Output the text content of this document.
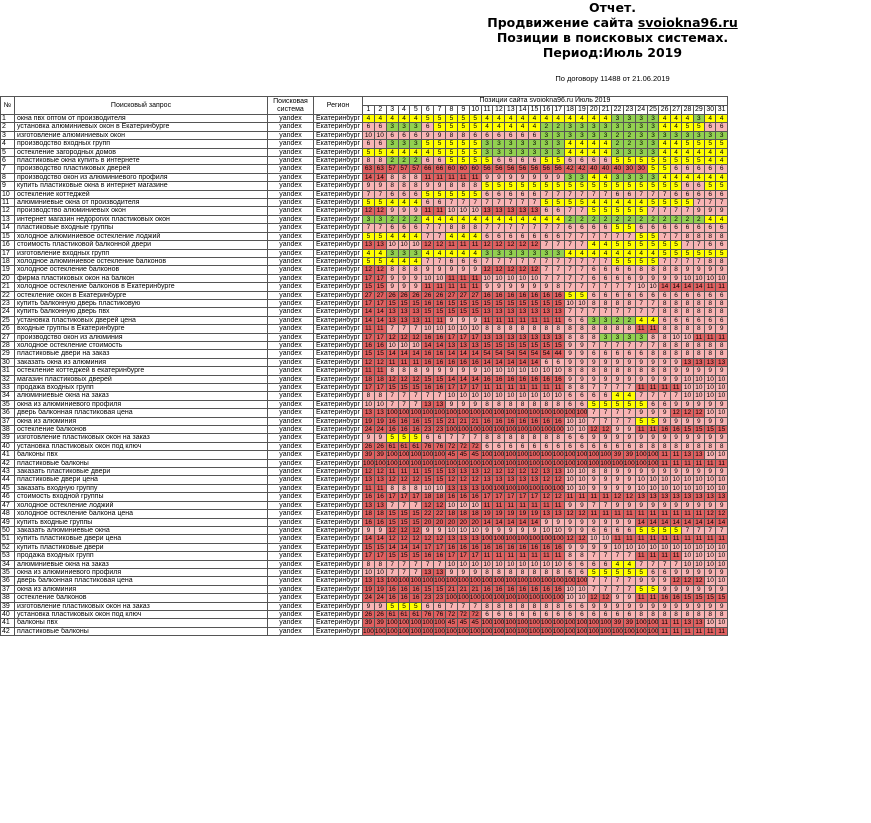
Отчет.
Продвижение сайта svoiokna96.ru
Позиции в поисковых системах.
Период:Июль 2019
По договору 11488 от 21.06.2019
№	Поисковый запрос	Поисковая система	Регион	Позиции сайта svoiokna96.ru Июль 2019																														
				1	2	3	4	5	6	7	8	9	10	11	12	13	14	15	16	17	18	19	20	21	22	23	24	25	26	27	28	29	30	31
1	окна пвх оптом от производителя	yandex	Екатеринбург	4	4	4	4	4	5	5	5	5	5	4	4	4	4	4	4	4	4	4	4	4	3	3	3	3	4	4	4	3	4	4
2	установка алюминиевых окон в Екатеринбурге	yandex	Екатеринбург	6	6	3	3	3	6	5	5	5	5	4	4	4	4	4	2	2	3	3	3	3	3	3	3	3	4	4	5	5	6	6
3	изготовление алюминиевых окон	yandex	Екатеринбург	10	10	6	6	6	9	9	8	8	6	6	6	6	6	6	3	3	3	3	3	3	2	2	3	3	3	3	3	3	3	3
4	производство входных групп	yandex	Екатеринбург	6	6	3	3	3	5	5	5	5	5	3	3	3	3	3	3	3	4	4	4	4	2	2	3	3	4	4	5	5	5	5
5	остекление загородных домов	yandex	Екатеринбург	5	5	4	4	4	4	5	5	5	5	3	3	3	3	3	3	3	4	4	4	4	3	3	3	3	4	4	4	4	4	4
6	пластиковые окна купить в интернете	yandex	Екатеринбург	8	8	2	2	2	6	6	5	5	5	5	6	6	6	6	5	5	6	6	6	6	5	5	5	5	5	5	5	5	4	4
7	производство пластиковых дверей	yandex	Екатеринбург	63	63	57	57	57	66	66	60	60	60	56	56	56	56	56	56	56	42	42	40	40	40	30	30	5	5	6	6	6	6	6
8	производство окон из алюминиевого профиля	yandex	Екатеринбург	14	14	8	8	8	11	11	11	11	11	9	9	9	9	9	9	9	3	3	4	4	3	3	3	3	4	4	4	4	4	4
9	купить пластиковые окна в интернет магазине	yandex	Екатеринбург	9	9	8	8	8	9	9	8	8	8	5	5	5	5	5	5	5	5	5	5	5	5	5	5	5	5	5	6	6	5	5
10	остекление коттеджей	yandex	Екатеринбург	7	7	6	6	6	5	5	5	5	5	6	6	6	6	6	7	7	7	7	7	7	6	6	7	7	7	6	6	6	6	6
11	алюминиевые окна от производителя	yandex	Екатеринбург	5	5	4	4	4	6	6	7	7	7	7	7	7	7	7	5	5	5	5	4	4	4	4	4	5	5	5	5	7	7	7
12	производство алюминиевых окон	yandex	Екатеринбург	12	12	9	9	9	11	11	10	10	10	13	13	13	13	13	6	6	7	7	5	5	5	5	5	7	7	7	7	9	9	9
13	интернет магазин недорогих пластиковых окон	yandex	Екатеринбург	3	3	2	2	2	4	4	4	4	4	4	4	4	4	4	4	4	2	2	2	2	2	2	2	2	2	2	2	2	4	4
14	пластиковые входные группы	yandex	Екатеринбург	7	7	6	6	6	7	7	8	8	8	7	7	7	7	7	7	7	6	6	6	6	5	5	6	6	6	6	6	6	6	6
15	холодное алюминиевое остекление лоджий	yandex	Екатеринбург	5	5	4	4	4	7	7	4	4	4	6	6	6	6	6	6	6	7	7	7	7	7	7	5	5	7	7	8	8	8	8
16	стоимость пластиковой балконной двери	yandex	Екатеринбург	13	13	10	10	10	12	12	11	11	11	12	12	12	12	12	7	7	7	7	4	4	5	5	5	5	5	5	7	7	6	6
17	изготовление входных групп	yandex	Екатеринбург	4	4	3	3	3	4	4	4	4	4	3	3	3	3	3	3	3	4	4	4	4	4	4	4	4	5	5	5	5	5	5
18	холодное алюминиевое остекление балконов	yandex	Екатеринбург	5	5	4	4	4	7	7	6	6	6	7	7	7	7	7	7	7	7	7	7	7	5	5	5	5	7	7	7	7	8	8
19	холодное остекление балконов	yandex	Екатеринбург	12	12	8	8	8	9	9	9	9	9	12	12	12	12	12	7	7	7	7	6	6	6	6	8	8	8	8	9	9	9	9
20	фирма пластиковых окон на балкон	yandex	Екатеринбург	17	17	9	9	9	10	10	11	11	11	10	10	10	10	10	7	7	7	7	6	6	6	6	9	9	9	9	10	10	10	10
21	холодное остекление балконов в Екатеринбурге	yandex	Екатеринбург	15	15	9	9	9	11	11	11	11	11	9	9	9	9	9	9	8	7	7	7	7	7	7	10	10	14	14	14	14	11	11
22	остекление окон в Екатеринбурге	yandex	Екатеринбург	27	27	26	26	26	26	26	27	27	27	16	16	16	16	16	16	16	5	5	6	6	6	6	6	6	6	6	6	6	6	6
23	купить балконную дверь пластиковую	yandex	Екатеринбург	17	17	15	15	15	16	16	15	15	15	15	15	15	15	15	15	15	10	10	8	8	8	8	7	7	8	8	8	8	8	8
24	купить балконную дверь пвх	yandex	Екатеринбург	14	14	13	13	13	15	15	15	15	15	13	13	13	13	13	13	13	7	7	7	7	7	7	7	7	8	8	8	8	8	8
25	установка пластиковых дверей цена	yandex	Екатеринбург	14	14	13	13	13	11	11	9	9	9	11	11	11	11	11	11	11	6	6	3	3	2	2	4	4	6	6	6	6	6	6
26	входные группы в Екатеринбурге	yandex	Екатеринбург	11	11	7	7	7	10	10	10	10	10	8	8	8	8	8	8	8	8	8	8	8	8	8	11	11	8	8	8	8	9	9
27	производство окон из алюминия	yandex	Екатеринбург	17	17	12	12	12	16	16	17	17	17	13	13	13	13	13	13	13	8	8	8	3	3	3	3	8	8	10	10	11	11	11
28	холодное остекление стоимость	yandex	Екатеринбург	16	16	10	10	10	14	14	13	13	13	15	15	15	15	15	15	15	9	9	7	7	7	7	7	7	8	8	8	8	8	8
29	пластиковые двери на заказ	yandex	Екатеринбург	15	15	14	14	14	16	16	14	14	14	54	54	54	54	54	54	44	9	9	6	6	6	6	6	8	8	8	8	8	8	8
30	заказать окна из алюминия	yandex	Екатеринбург	12	12	11	11	11	16	16	16	16	16	14	14	14	14	14	6	6	9	9	9	9	9	9	9	9	9	9	13	13	13	13
31	остекление коттеджей в екатеринбурге	yandex	Екатеринбург	11	11	8	8	8	9	9	9	9	9	10	10	10	10	10	10	10	8	8	8	8	8	8	8	8	8	9	9	9	9	9
32	магазин пластиковых дверей	yandex	Екатеринбург	18	18	12	12	12	15	15	14	14	14	16	16	16	16	16	16	16	9	9	9	9	9	9	9	9	9	9	10	10	10	10
33	продажа входных групп	yandex	Екатеринбург	17	17	15	15	15	16	16	17	17	17	11	11	11	11	11	11	11	8	8	7	7	7	7	11	11	11	11	10	10	10	10
34	алюминиевые окна на заказ	yandex	Екатеринбург	8	8	7	7	7	7	7	10	10	10	10	10	10	10	10	10	10	6	6	6	6	4	4	7	7	7	7	10	10	10	10
35	окна из алюминиевого профиля	yandex	Екатеринбург	10	10	7	7	7	13	13	9	9	9	8	8	8	8	8	8	8	6	6	5	5	5	5	5	6	6	9	9	9	9	9
36	дверь балконная пластиковая цена	yandex	Екатеринбург	13	13	100	100	100	100	100	100	100	100	100	100	100	100	100	100	100	100	100	7	7	7	7	9	9	9	12	12	12	10	10
37	окна из алюминия	yandex	Екатеринбург	19	19	16	16	16	15	15	21	21	21	16	16	16	16	16	16	16	10	10	7	7	7	7	5	5	9	9	9	9	9	9
38	остекление балконов	yandex	Екатеринбург	24	24	16	16	16	23	23	100	100	100	100	100	100	100	100	100	100	10	10	12	12	9	9	11	11	16	16	15	15	15	15
39	изготовление пластиковых окон на заказ	yandex	Екатеринбург	9	9	5	5	5	6	6	7	7	7	8	8	8	8	8	8	8	6	6	9	9	9	9	9	9	9	9	9	9	9	9
40	установка пластиковых окон под ключ	yandex	Екатеринбург	26	26	61	61	61	76	76	72	72	72	6	6	6	6	6	6	6	6	6	6	6	6	6	8	8	8	8	8	8	8	8
41	балконы пвх	yandex	Екатеринбург	39	39	100	100	100	100	100	45	45	45	100	100	100	100	100	100	100	100	100	100	100	39	39	100	100	11	11	13	13	10	10
42	пластиковые балконы	yandex	Екатеринбург	100	100	100	100	100	100	100	100	100	100	100	100	100	100	100	100	100	100	100	100	100	100	100	100	100	11	11	11	11	11	11
43	заказать пластиковые двери	yandex	Екатеринбург	12	12	11	11	11	15	15	13	13	13	12	12	12	12	12	13	13	10	10	8	8	9	9	9	9	9	9	9	9	9	9
44	пластиковые двери цена	yandex	Екатеринбург	13	13	12	12	12	15	15	12	12	12	13	13	13	13	13	12	12	10	10	9	9	9	9	10	10	10	10	10	10	10	10
45	заказать входную группу	yandex	Екатеринбург	11	11	8	8	8	10	10	13	13	13	100	100	100	100	100	100	100	10	10	9	9	9	9	10	10	10	10	10	10	10	10
46	стоимость входной группы	yandex	Екатеринбург	16	16	17	17	17	18	18	16	16	16	17	17	17	17	17	12	12	11	11	11	11	12	12	13	13	13	13	13	13	13	13
47	холодное остекление лоджий	yandex	Екатеринбург	13	13	7	7	7	12	12	10	10	10	11	11	11	11	11	11	11	9	9	7	7	9	9	9	9	9	9	9	9	9	9
48	холодное остекление балкона цена	yandex	Екатеринбург	18	18	15	15	15	22	22	18	18	18	19	19	19	19	19	13	13	12	12	11	11	11	11	11	11	11	11	11	11	12	12
49	купить входные группы	yandex	Екатеринбург	16	16	15	15	15	20	20	20	20	20	14	14	14	14	14	9	9	9	9	9	9	9	9	14	14	14	14	14	14	14	14
50	заказать алюминиевые окна	yandex	Екатеринбург	9	9	12	12	12	9	9	10	10	10	9	9	9	9	9	10	10	9	9	6	6	6	6	5	5	5	5	7	7	7	7
51	купить пластиковые двери цена	yandex	Екатеринбург	14	14	12	12	12	12	12	13	13	13	100	100	100	100	100	100	100	12	12	10	10	11	11	11	11	11	11	11	11	11	11
52	купить пластиковые двери	yandex	Екатеринбург	15	15	14	14	14	17	17	16	16	16	16	16	16	16	16	16	16	9	9	9	9	10	10	10	10	10	10	10	10	10	10
53	продажа входных групп	yandex	Екатеринбург	17	17	15	15	15	16	16	17	17	17	11	11	11	11	11	11	11	8	8	7	7	7	7	11	11	11	11	10	10	10	10
34	алюминиевые окна на заказ	yandex	Екатеринбург	8	8	7	7	7	7	7	10	10	10	10	10	10	10	10	10	10	6	6	6	6	4	4	7	7	7	7	10	10	10	10
35	окна из алюминиевого профиля	yandex	Екатеринбург	10	10	7	7	7	13	13	9	9	9	8	8	8	8	8	8	8	6	6	5	5	5	5	5	6	6	9	9	9	9	9
36	дверь балконная пластиковая цена	yandex	Екатеринбург	13	13	100	100	100	100	100	100	100	100	100	100	100	100	100	100	100	100	100	7	7	7	7	9	9	9	12	12	12	10	10
37	окна из алюминия	yandex	Екатеринбург	19	19	16	16	16	15	15	21	21	21	16	16	16	16	16	16	16	10	10	7	7	7	7	5	5	9	9	9	9	9	9
38	остекление балконов	yandex	Екатеринбург	24	24	16	16	16	23	23	100	100	100	100	100	100	100	100	100	100	10	10	12	12	9	9	11	11	16	16	15	15	15	15
39	изготовление пластиковых окон на заказ	yandex	Екатеринбург	9	9	5	5	5	6	6	7	7	7	8	8	8	8	8	8	8	6	6	9	9	9	9	9	9	9	9	9	9	9	9
40	установка пластиковых окон под ключ	yandex	Екатеринбург	26	26	61	61	61	76	76	72	72	72	6	6	6	6	6	6	6	6	6	6	6	6	6	8	8	8	8	8	8	8	8
41	балконы пвх	yandex	Екатеринбург	39	39	100	100	100	100	100	45	45	45	100	100	100	100	100	100	100	100	100	100	100	39	39	100	100	11	11	13	13	10	10
42	пластиковые балконы	yandex	Екатеринбург	100	100	100	100	100	100	100	100	100	100	100	100	100	100	100	100	100	100	100	100	100	100	100	100	100	11	11	11	11	11	11
